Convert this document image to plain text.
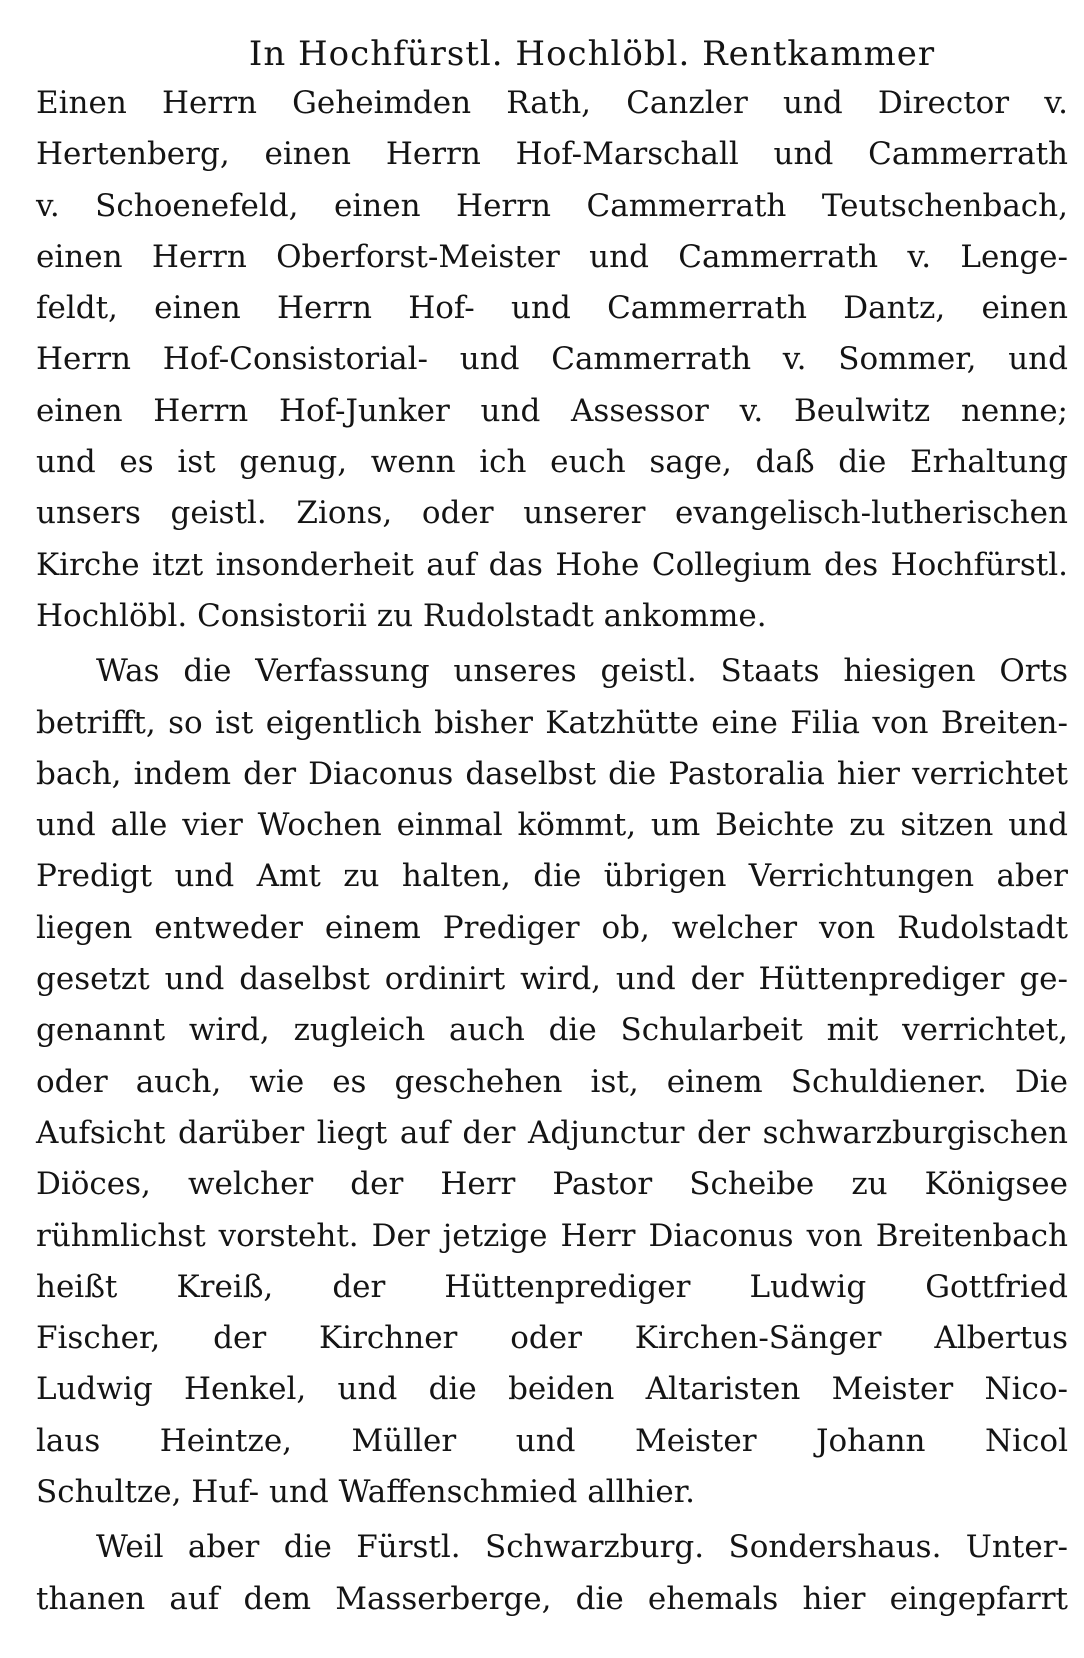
In Hochfürstl. Hochlöbl. Rentkammer
Einen Herrn Geheimden Rath, Canzler und Director v.
Hertenberg, einen Herrn Hof-Marschall und Cammerrath
v. Schoenefeld, einen Herrn Cammerrath Teutschenbach,
einen Herrn Oberforst-Meister und Cammerrath v. Lenge-
feldt, einen Herrn Hof- und Cammerrath Dantz, einen
Herrn Hof-Consistorial- und Cammerrath v. Sommer, und
einen Herrn Hof-Junker und Assessor v. Beulwitz nenne;
und es ist genug, wenn ich euch sage, daß die Erhaltung
unsers geistl. Zions, oder unserer evangelisch-lutherischen
Kirche itzt insonderheit auf das Hohe Collegium des Hochfürstl.
Hochlöbl. Consistorii zu Rudolstadt ankomme.
Was die Verfassung unseres geistl. Staats hiesigen Orts
betrifft, so ist eigentlich bisher Katzhütte eine Filia von Breiten-
bach, indem der Diaconus daselbst die Pastoralia hier verrichtet
und alle vier Wochen einmal kömmt, um Beichte zu sitzen und
Predigt und Amt zu halten, die übrigen Verrichtungen aber
liegen entweder einem Prediger ob, welcher von Rudolstadt
gesetzt und daselbst ordinirt wird, und der Hüttenprediger ge-
genannt wird, zugleich auch die Schularbeit mit verrichtet,
oder auch, wie es geschehen ist, einem Schuldiener. Die
Aufsicht darüber liegt auf der Adjunctur der schwarzburgischen
Diöces, welcher der Herr Pastor Scheibe zu Königsee
rühmlichst vorsteht. Der jetzige Herr Diaconus von Breitenbach
heißt Kreiß, der Hüttenprediger Ludwig Gottfried
Fischer, der Kirchner oder Kirchen-Sänger Albertus
Ludwig Henkel, und die beiden Altaristen Meister Nico-
laus Heintze, Müller und Meister Johann Nicol
Schultze, Huf- und Waffenschmied allhier.
Weil aber die Fürstl. Schwarzburg. Sondershaus. Unter-
thanen auf dem Masserberge, die ehemals hier eingepfarrt
